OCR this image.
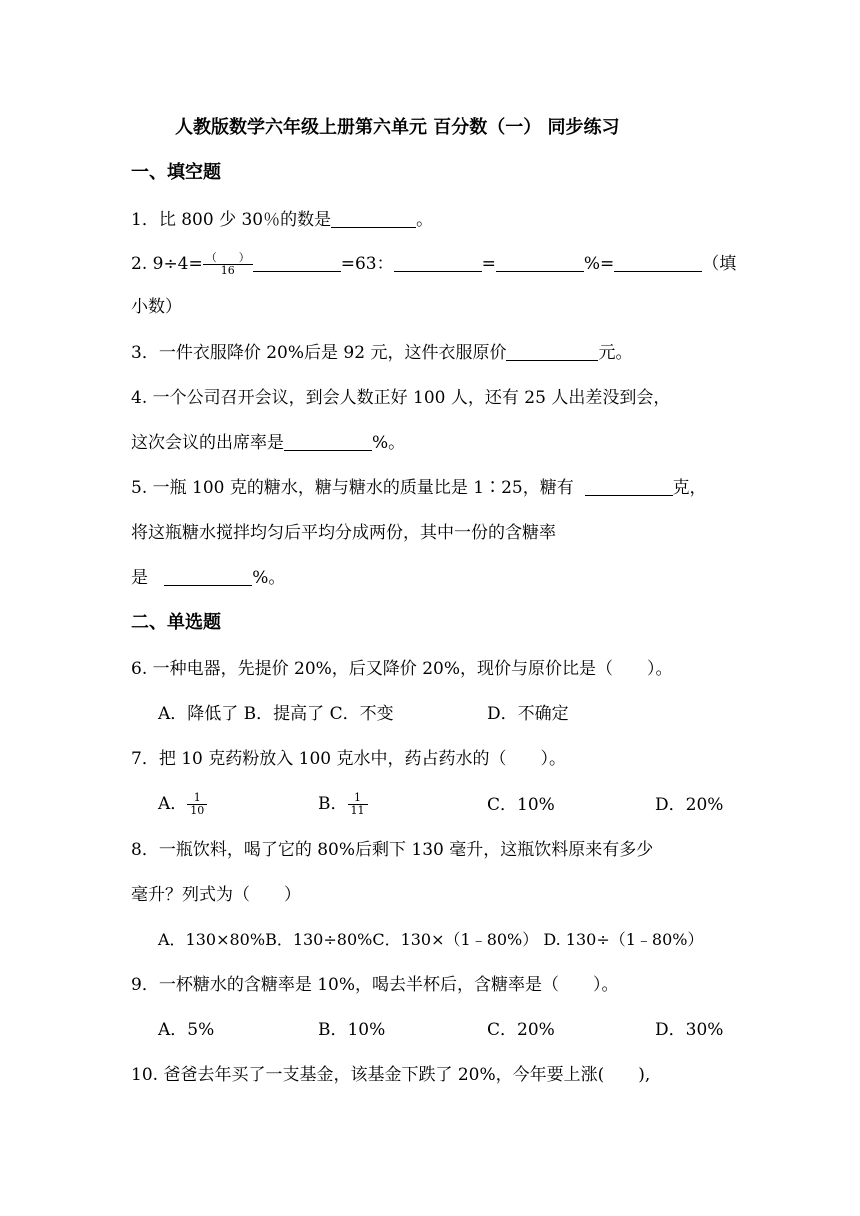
人教版数学六年级上册第六单元 百分数（一） 同步练习
一、填空题
1．比 800 少 30％的数是	。
2. $9\div 4= \frac{( )}{16}$	=63：	=	%=	（填
小数）
3．一件衣服降价 20%后是 92 元，这件衣服原价	元。
4. 一个公司召开会议，到会人数正好 100 人，还有 25 人出差没到会，
这次会议的出席率是	%。
5. 一瓶 100 克的糖水，糖与糖水的质量比是 1∶25，糖有	克，
将这瓶糖水搅拌均匀后平均分成两份，其中一份的含糖率
是	%。
二、单选题
6. 一种电器，先提价 20%，后又降价 20%，现价与原价比是（　　）。
A．降低了 B．提高了 C．不变	D．不确定
7．把 10 克药粉放入 100 克水中，药占药水的（　　）。
A． $\frac{1}{10}$	B． $\frac{1}{11}$	C．10%	D．20%
8．一瓶饮料，喝了它的 80%后剩下 130 毫升，这瓶饮料原来有多少
毫升？列式为（　　）
A．130×80%B．130÷80%C．130×（1﹣80%） D. 130÷（1﹣80%）
9．一杯糖水的含糖率是 10%，喝去半杯后，含糖率是（　　）。
A．5%	B．10%	C．20%	D．30%
10. 爸爸去年买了一支基金，该基金下跌了 20%，今年要上涨(　　),
